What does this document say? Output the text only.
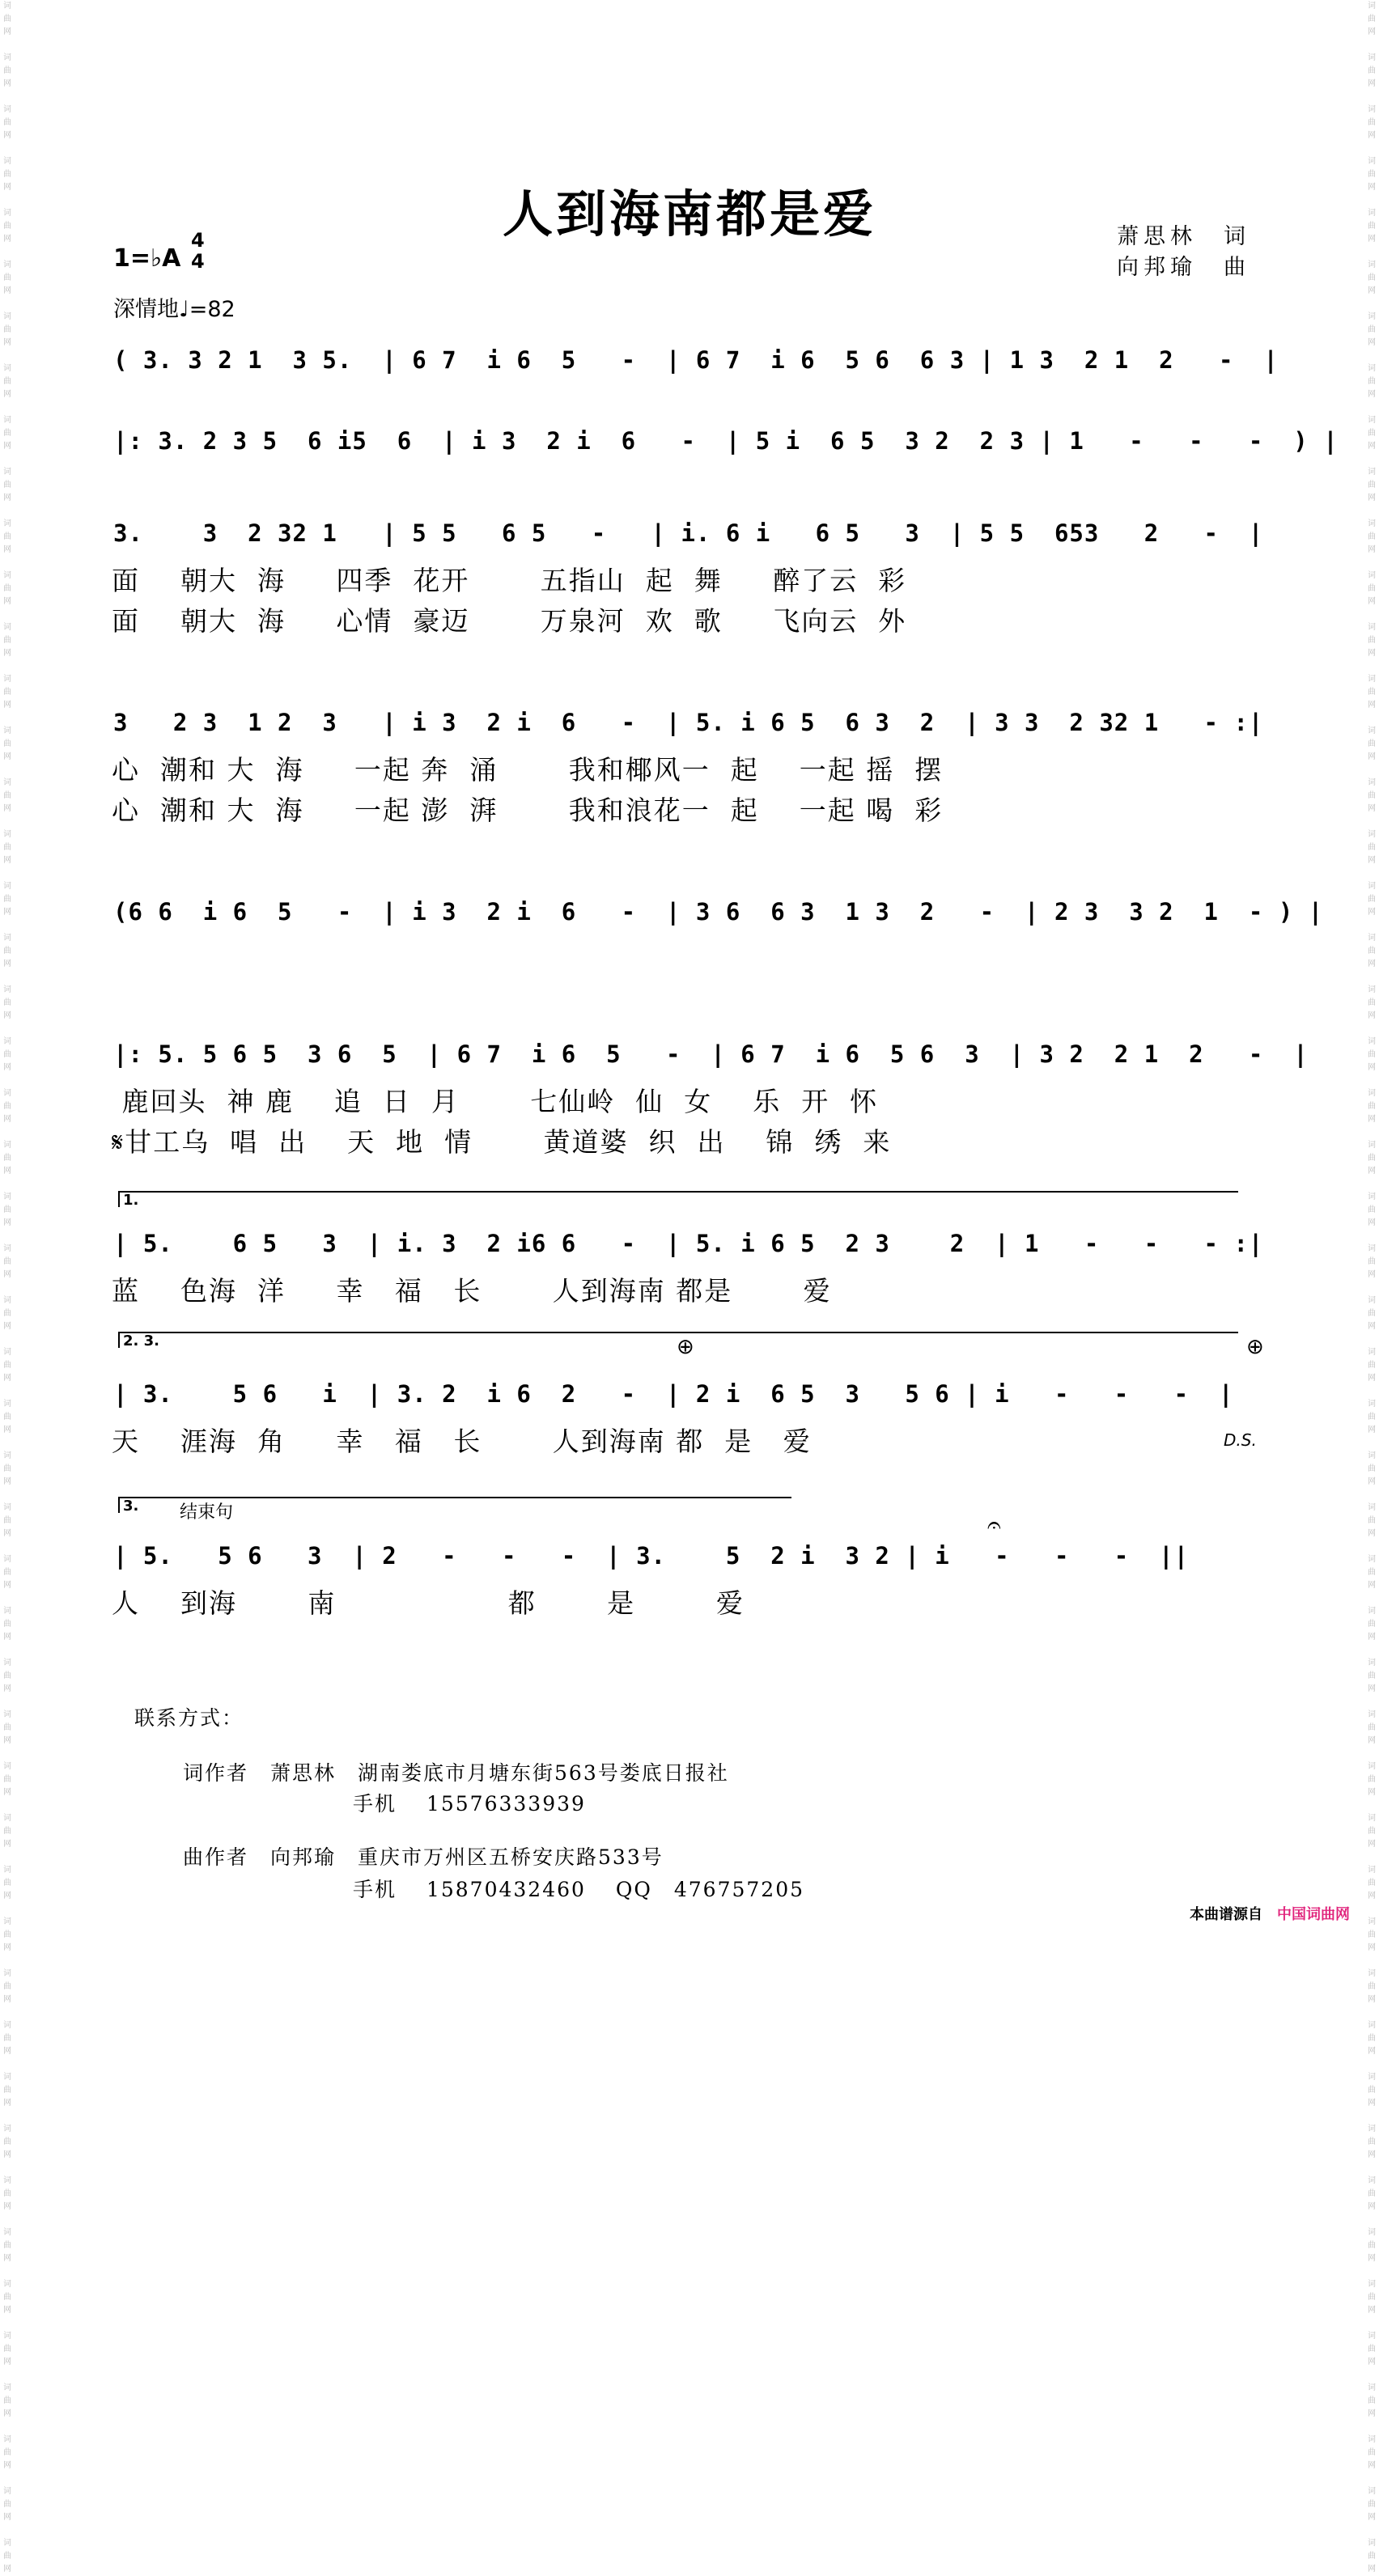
词
曲
网

词
曲
网

词
曲
网

词
曲
网

词
曲
网

词
曲
网

词
曲
网

词
曲
网

词
曲
网

词
曲
网

词
曲
网

词
曲
网

词
曲
网

词
曲
网

词
曲
网

词
曲
网

词
曲
网

词
曲
网

词
曲
网

词
曲
网

词
曲
网

词
曲
网

词
曲
网

词
曲
网

词
曲
网

词
曲
网

词
曲
网

词
曲
网

词
曲
网

词
曲
网

词
曲
网

词
曲
网

词
曲
网

词
曲
网

词
曲
网

词
曲
网

词
曲
网

词
曲
网

词
曲
网

词
曲
网

词
曲
网

词
曲
网

词
曲
网

词
曲
网

词
曲
网

词
曲
网

词
曲
网

词
曲
网

词
曲
网

词
曲
网

词
曲
网

词
曲
网

词
曲
网

词
曲
网

词
曲
网

词
曲
网

词
曲
网

词
曲
网

词
曲
网

词
曲
网

词
曲
网

词
曲
网

词
曲
网

词
曲
网

词
曲
网

词
曲
网

词
曲
网

词
曲
网

词
曲
网

词
曲
网

词
曲
网

词
曲
网

词
曲
网

词
曲
网

词
曲
网

词
曲
网

词
曲
网

词
曲
网

词
曲
网

词
曲
网

词
曲
网

词
曲
网

词
曲
网

词
曲
网

词
曲
网

词
曲
网

词
曲
网

词
曲
网

词
曲
网

词
曲
网

词
曲
网

词
曲
网

词
曲
网

词
曲
网

词
曲
网

词
曲
网

词
曲
网

词
曲
网

词
曲
网

词
曲
网

人到海南都是爱	萧思林　词
向邦瑜　曲
1=♭A
4
4
深情地♩=82
( 3. 3 2 1  3 5.  | 6 7  i 6  5   -  | 6 7  i 6  5 6  6 3 | 1 3  2 1  2   -  |
|: 3. 2 3 5  6 i5  6  | i 3  2 i  6   -  | 5 i  6 5  3 2  2 3 | 1   -   -   -  ) |
3.    3  2 32 1   | 5 5   6 5   -   | i. 6 i   6 5   3  | 5 5  653   2   -  |
面    朝大  海     四季  花开       五指山  起  舞     醉了云  彩
面    朝大  海     心情  豪迈       万泉河  欢  歌     飞向云  外
3   2 3  1 2  3   | i 3  2 i  6   -  | 5. i 6 5  6 3  2  | 3 3  2 32 1   - :|
心  潮和 大  海     一起 奔  涌       我和椰风一  起    一起 摇  摆
心  潮和 大  海     一起 澎  湃       我和浪花一  起    一起 喝  彩
(6 6  i 6  5   -  | i 3  2 i  6   -  | 3 6  6 3  1 3  2   -  | 2 3  3 2  1  - ) |
|: 5. 5 6 5  3 6  5  | 6 7  i 6  5   -  | 6 7  i 6  5 6  3  | 3 2  2 1  2   -  |
鹿回头  神 鹿    追  日  月       七仙岭  仙  女    乐  开  怀
𝄋甘工乌  唱  出    天  地  情       黄道婆  织  出    锦  绣  来
1.
| 5.    6 5   3  | i. 3  2 i6 6   -  | 5. i 6 5  2 3    2  | 1   -   -   - :|
蓝    色海  洋     幸   福   长       人到海南 都是       爱
2. 3.	⊕	⊕
| 3.    5 6   i  | 3. 2  i 6  2   -  | 2 i  6 5  3   5 6 | i   -   -   -  |
天    涯海  角     幸   福   长       人到海南 都  是   爱	D.S.
3. 结束句	𝄐
| 5.   5 6   3  | 2   -   -   -  | 3.    5  2 i  3 2 | i   -   -   -  ||
人    到海       南                 都       是        爱
联系方式：
词作者　萧思林　湖南娄底市月塘东街563号娄底日报社
手机　 15576333939
曲作者　向邦瑜　重庆市万州区五桥安庆路533号
手机　 15870432460　 QQ　476757205
本曲谱源自　 中国词曲网
